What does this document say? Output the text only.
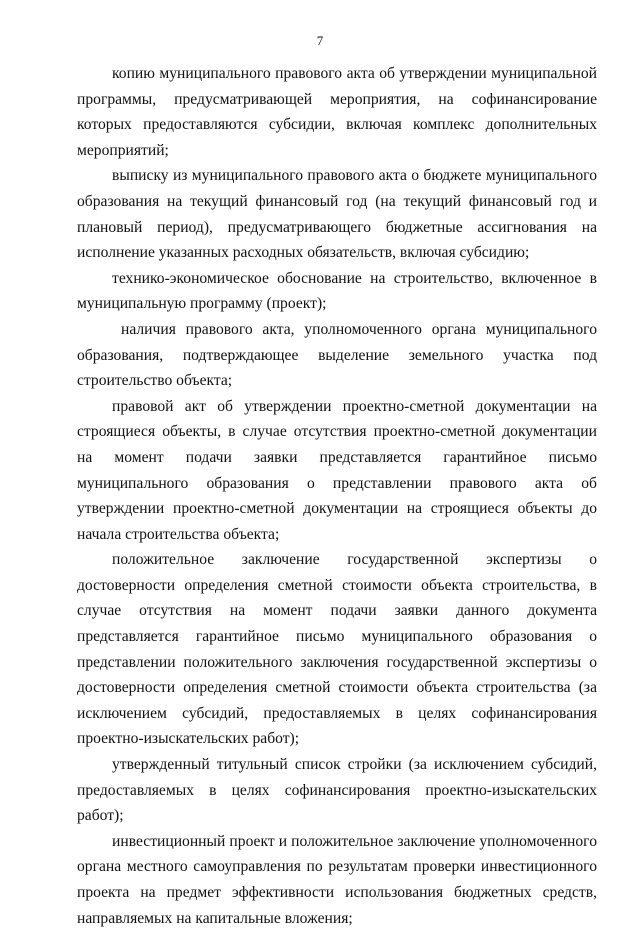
7

копию муниципального правового акта об утверждении муниципальной программы, предусматривающей мероприятия, на софинансирование которых предоставляются субсидии, включая комплекс дополнительных мероприятий;

выписку из муниципального правового акта о бюджете муниципального образования на текущий финансовый год (на текущий финансовый год и плановый период), предусматривающего бюджетные ассигнования на исполнение указанных расходных обязательств, включая субсидию;

технико-экономическое обоснование на строительство, включенное в муниципальную программу (проект);

наличия правового акта, уполномоченного органа муниципального образования, подтверждающее выделение земельного участка под строительство объекта;

правовой акт об утверждении проектно-сметной документации на строящиеся объекты, в случае отсутствия проектно-сметной документации на момент подачи заявки представляется гарантийное письмо муниципального образования о представлении правового акта об утверждении проектно-сметной документации на строящиеся объекты до начала строительства объекта;

положительное заключение государственной экспертизы о достоверности определения сметной стоимости объекта строительства, в случае отсутствия на момент подачи заявки данного документа представляется гарантийное письмо муниципального образования о представлении положительного заключения государственной экспертизы о достоверности определения сметной стоимости объекта строительства (за исключением субсидий, предоставляемых в целях софинансирования проектно-изыскательских работ);

утвержденный титульный список стройки (за исключением субсидий, предоставляемых в целях софинансирования проектно-изыскательских работ);

инвестиционный проект и положительное заключение уполномоченного органа местного самоуправления по результатам проверки инвестиционного проекта на предмет эффективности использования бюджетных средств, направляемых на капитальные вложения;
